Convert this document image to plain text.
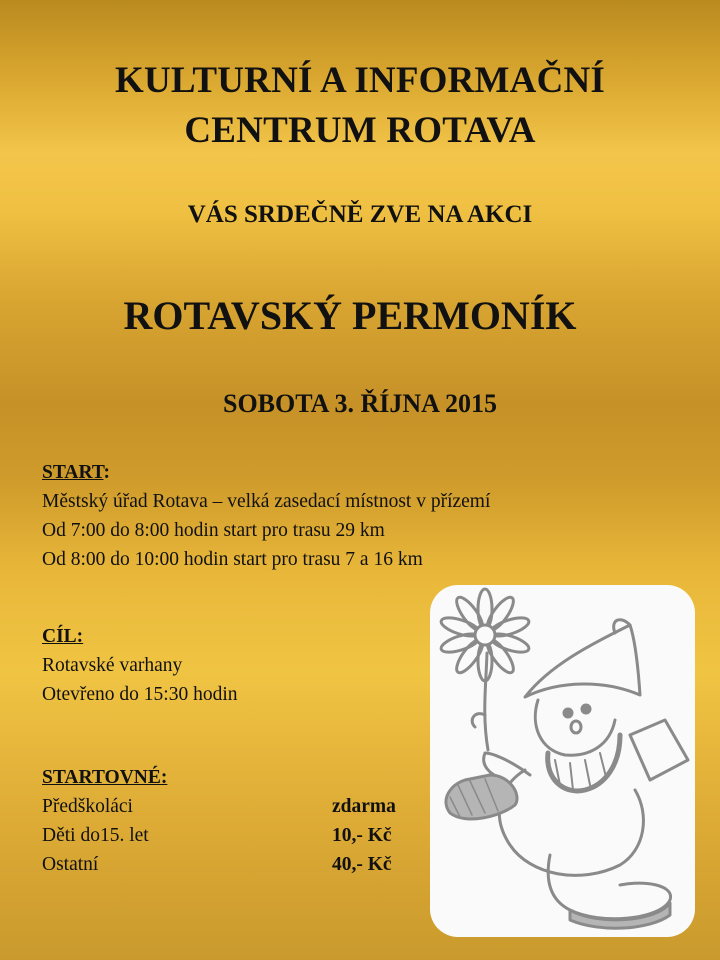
KULTURNÍ A INFORMAČNÍ
CENTRUM ROTAVA
VÁS SRDEČNĚ ZVE NA AKCI
ROTAVSKÝ PERMONÍK
SOBOTA 3. ŘÍJNA 2015
START:
Městský úřad Rotava – velká zasedací místnost v přízemí
Od 7:00 do 8:00 hodin start pro trasu 29 km
Od 8:00 do 10:00 hodin start pro trasu 7 a 16 km
CÍL:
Rotavské varhany
Otevřeno do 15:30 hodin
STARTOVNÉ:
Předškoláci	zdarma
Děti do15. let	10,- Kč
Ostatní	40,- Kč
